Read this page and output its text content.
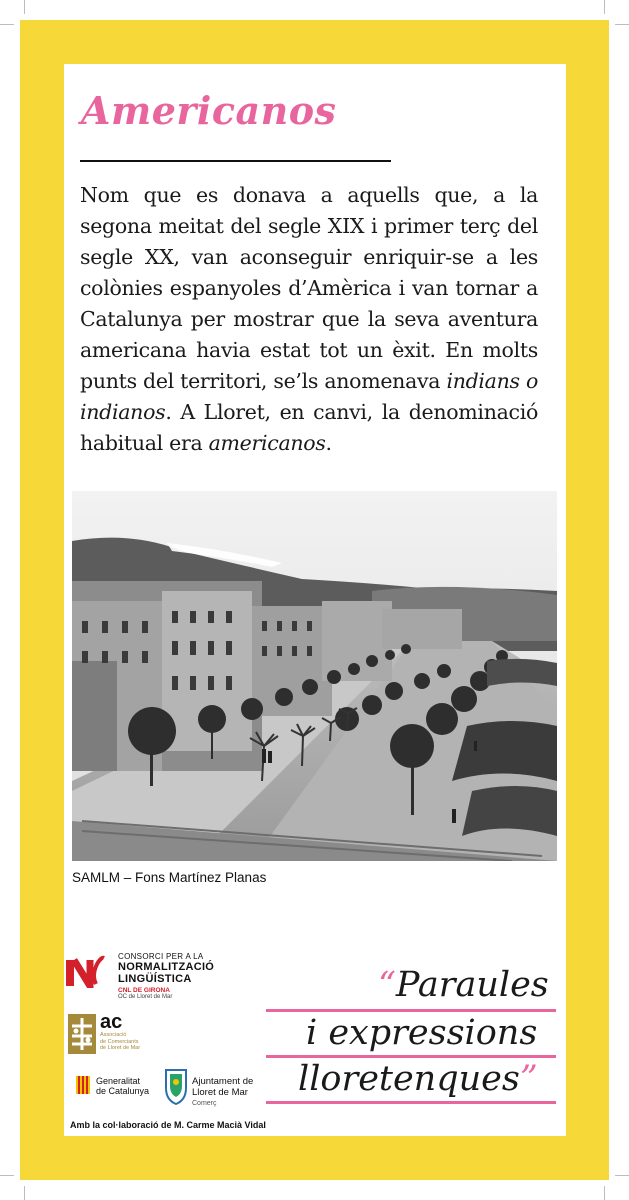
Americanos

Nom que es donava a aquells que, a la segona meitat del segle XIX i primer terç del segle XX, van aconseguir enriquir-se a les colònies espanyoles d’Amèrica i van tornar a Catalunya per mostrar que la seva aventura americana havia estat tot un èxit. En molts punts del territori, se’ls anomenava indians o indianos. A Lloret, en canvi, la denominació habitual era americanos.

SAMLM – Fons Martínez Planas
CONSORCI PER A LA
NORMALITZACIÓ
LINGÜÍSTICA
CNL DE GIRONA
OC de Lloret de Mar
ac
Associació
de Comerciants
de Lloret de Mar
Generalitat
de Catalunya
Ajuntament de
Lloret de Mar
Comerç
Amb la col·laboració de M. Carme Macià Vidal
“Paraules
i expressions
lloretenques”
